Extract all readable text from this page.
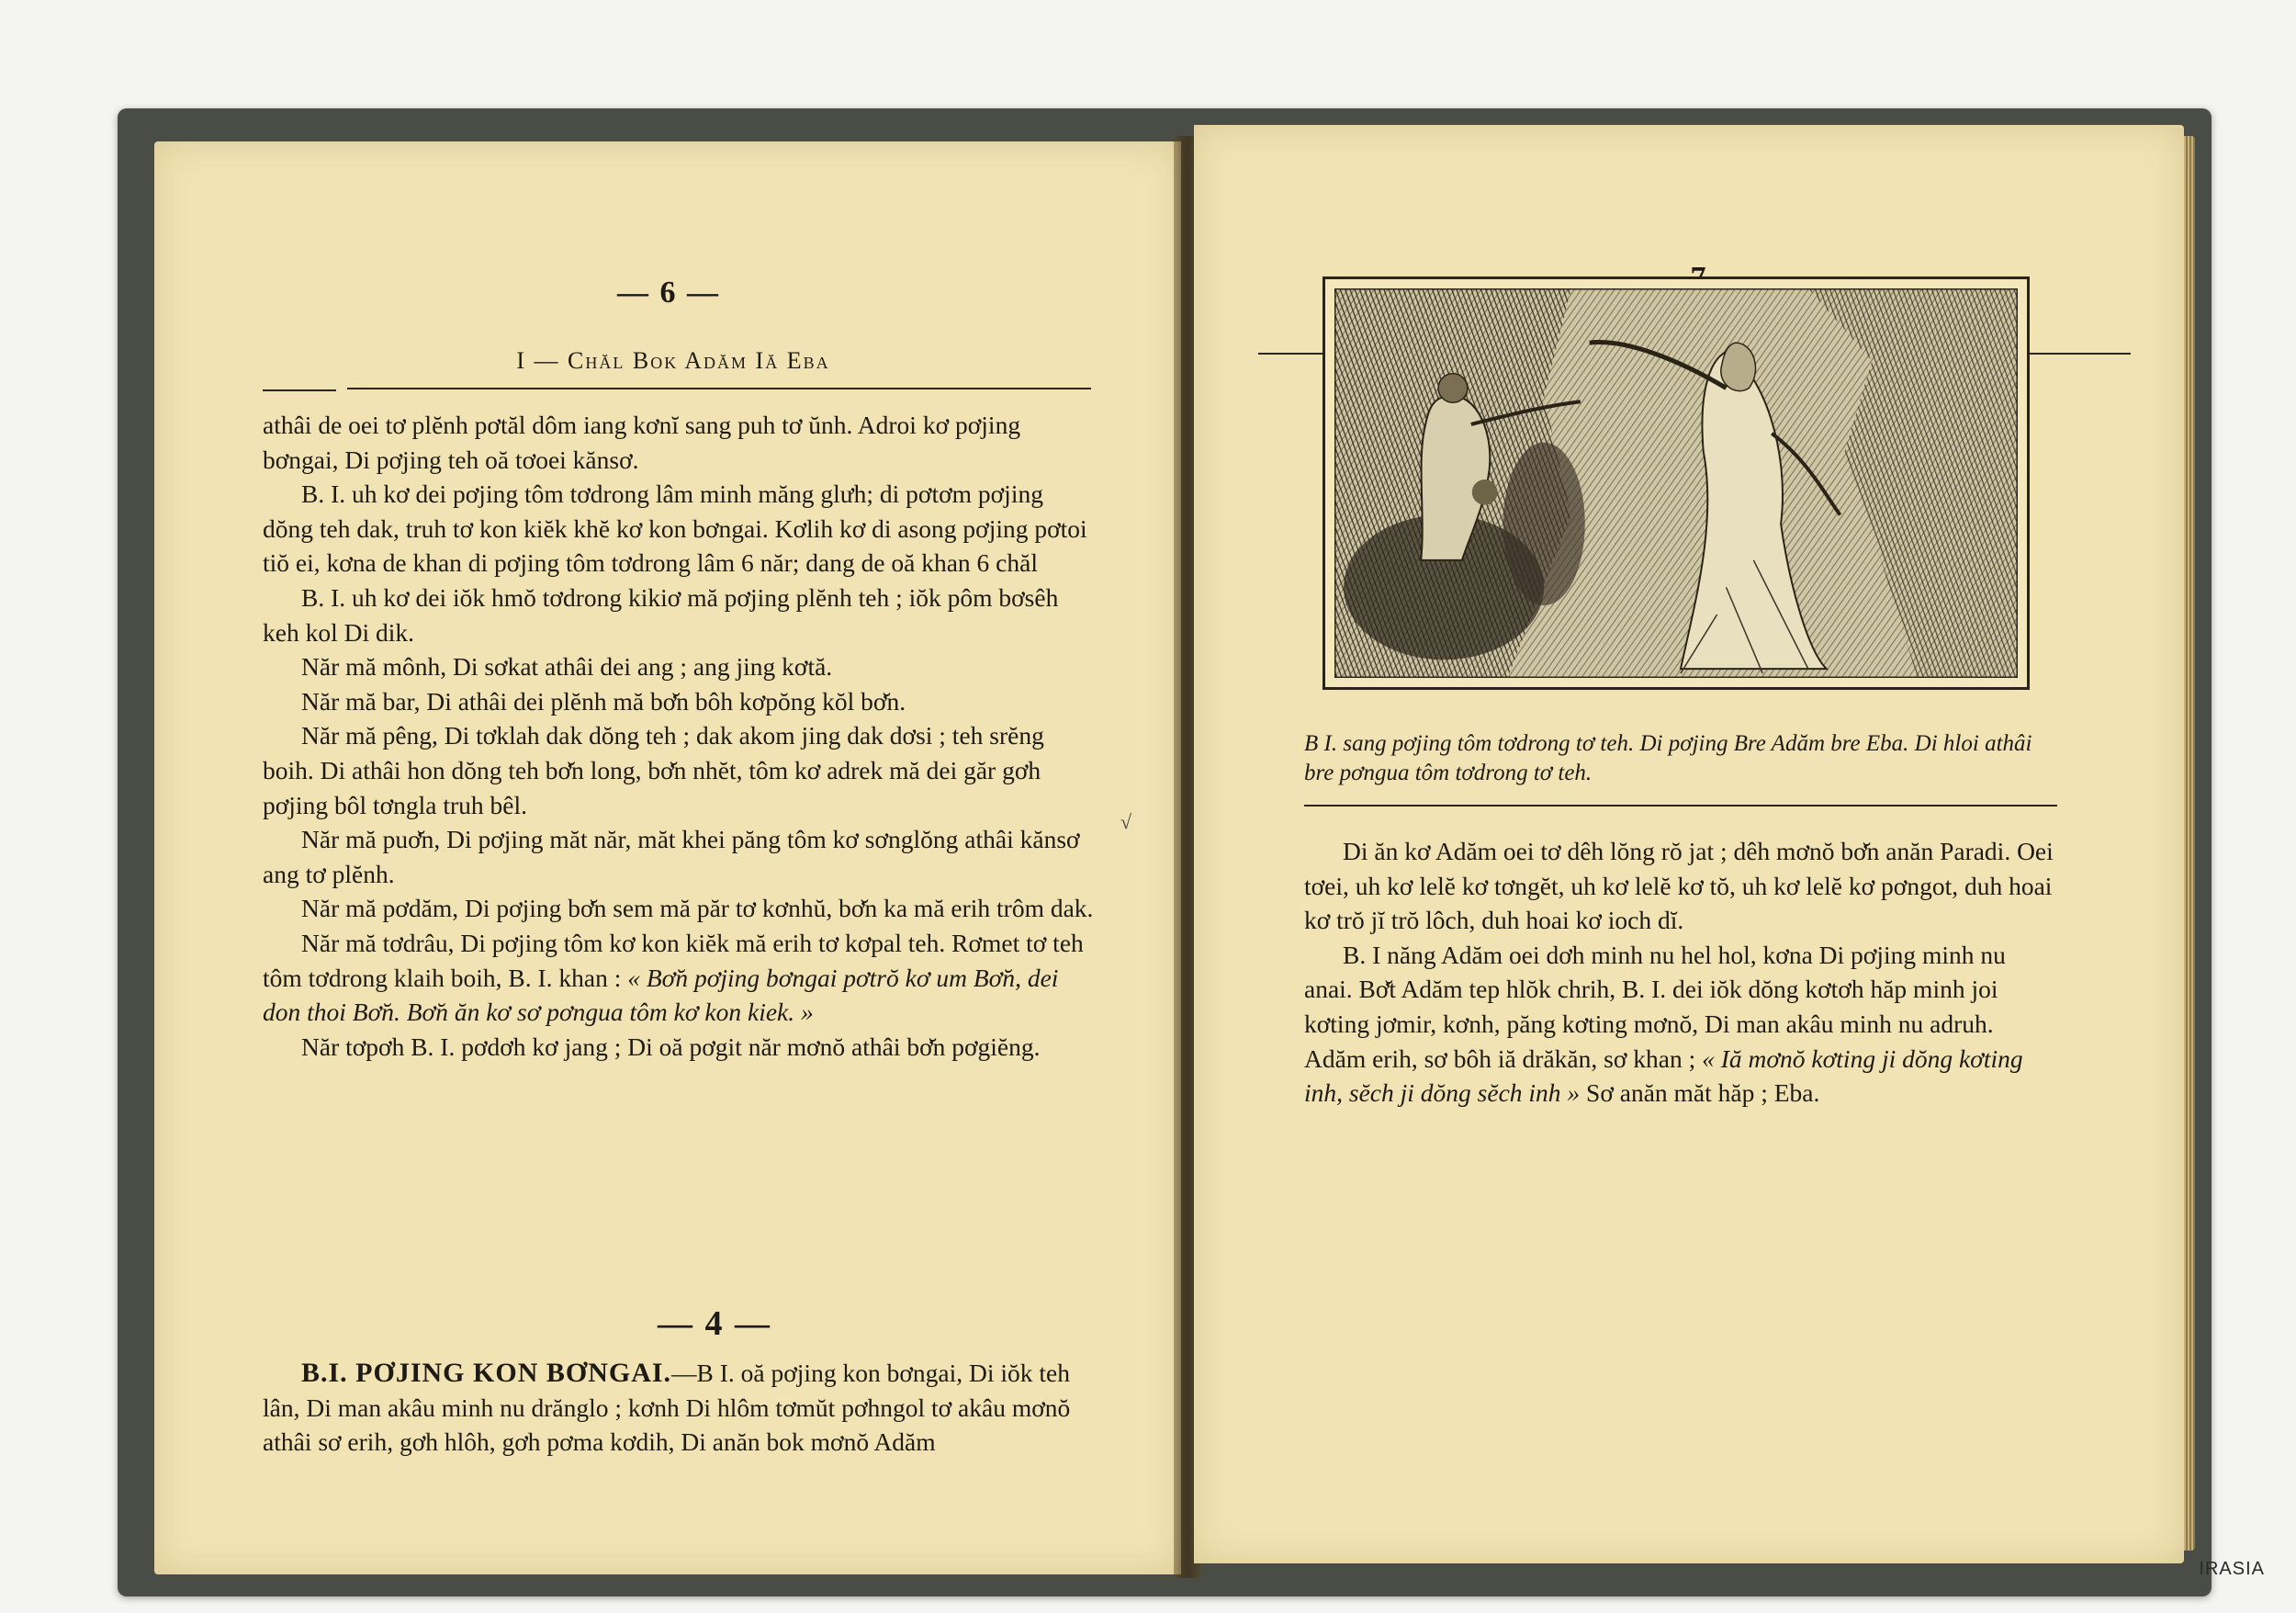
— 6 —
I — Chăl Bok Adăm Iă Eba

athâi de oei tơ plĕnh pơtăl dôm iang kơnĭ sang puh tơ ŭnh. Adroi kơ pơjing bơngai, Di pơjing teh oă tơoei kănsơ.

B. I. uh kơ dei pơjing tôm tơdrong lâm minh măng glưh; di pơtơm pơjing dŏng teh dak, truh tơ kon kiĕk khĕ kơ kon bơngai. Kơlih kơ di asong pơjing pơtoi tiŏ ei, kơna de khan di pơjing tôm tơdrong lâm 6 năr; dang de oă khan 6 chăl

B. I. uh kơ dei iŏk hmŏ tơdrong kikiơ mă pơjing plĕnh teh ; iŏk pôm bơsêh keh kol Di dik.

Năr mă mônh, Di sơkat athâi dei ang ; ang jing kơtă.

Năr mă bar, Di athâi dei plĕnh mă bơ̆n bôh kơpŏng kŏl bơ̆n.

Năr mă pêng, Di tơklah dak dŏng teh ; dak akom jing dak dơsi ; teh srĕng boih. Di athâi hon dŏng teh bơ̆n long, bơ̆n nhĕt, tôm kơ adrek mă dei găr gơh pơjing bôl tơngla truh bêl.

Năr mă puơ̆n, Di pơjing măt năr, măt khei păng tôm kơ sơnglŏng athâi kănsơ ang tơ plĕnh.

Năr mă pơdăm, Di pơjing bơ̆n sem mă păr tơ kơnhŭ, bơ̆n ka mă erih trôm dak.

Năr mă tơdrâu, Di pơjing tôm kơ kon kiĕk mă erih tơ kơpal teh. Rơmet tơ teh tôm tơdrong klaih boih, B. I. khan : « Bơ̆n pơjing bơngai pơtrŏ kơ um Bơ̆n, dei don thoi Bơ̆n. Bơ̆n ăn kơ sơ pơngua tôm kơ kon kiek. »

Năr tơpơh B. I. pơdơh kơ jang ; Di oă pơgit năr mơnŏ athâi bơ̆n pơgiĕng.

— 4 —

B.I. PƠJING KON BƠNGAI.—B I. oă pơjing kon bơngai, Di iŏk teh lân, Di man akâu minh nu drănglo ; kơnh Di hlôm tơmŭt pơhngol tơ akâu mơnŏ athâi sơ erih, gơh hlôh, gơh pơma kơdih, Di anăn bok mơnŏ Adăm

√
B I. sang pơjing tôm tơdrong tơ teh. Di pơjing Bre Adăm bre Eba. Di hloi athâi bre pơngua tôm tơdrong tơ teh.

Di ăn kơ Adăm oei tơ dêh lŏng rŏ jat ; dêh mơnŏ bơ̆n anăn Paradi. Oei tơei, uh kơ lelĕ kơ tơngĕt, uh kơ lelĕ kơ tŏ, uh kơ lelĕ kơ pơngot, duh hoai kơ trŏ jĭ trŏ lôch, duh hoai kơ ioch dĭ.

B. I năng Adăm oei dơh minh nu hel hol, kơna Di pơjing minh nu anai. Bơ̆t Adăm tep hlŏk chrih, B. I. dei iŏk dŏng kơtơh hăp minh joi kơting jơmir, kơnh, păng kơting mơnŏ, Di man akâu minh nu adruh. Adăm erih, sơ bôh iă drăkăn, sơ khan ; « Iă mơnŏ kơting ji dŏng kơting inh, sĕch ji dŏng sĕch inh » Sơ anăn măt hăp ; Eba.

IRASIA
